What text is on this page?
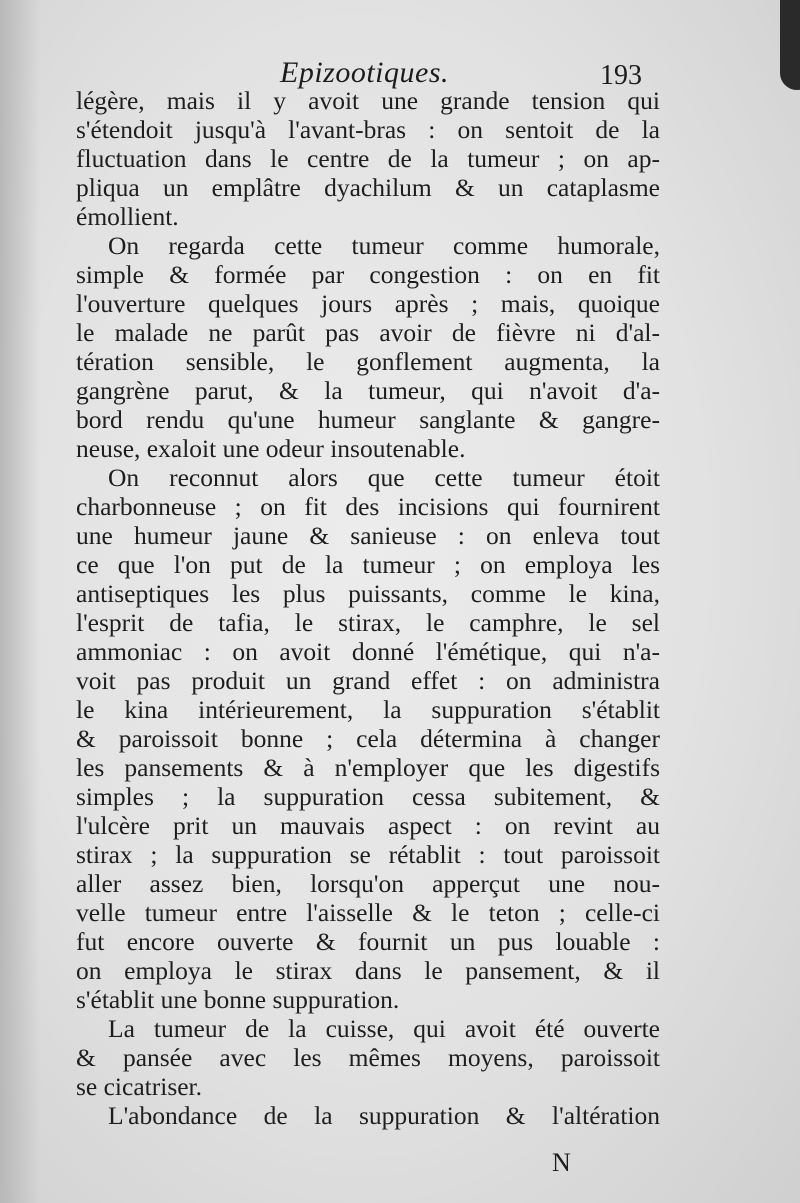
Epizootiques.	193
légère, mais il y avoit une grande tension qui
s'étendoit jusqu'à l'avant-bras : on sentoit de la
fluctuation dans le centre de la tumeur ; on ap-
pliqua un emplâtre dyachilum & un cataplasme
émollient.
On regarda cette tumeur comme humorale,
simple & formée par congestion : on en fit
l'ouverture quelques jours après ; mais, quoique
le malade ne parût pas avoir de fièvre ni d'al-
tération sensible, le gonflement augmenta, la
gangrène parut, & la tumeur, qui n'avoit d'a-
bord rendu qu'une humeur sanglante & gangre-
neuse, exaloit une odeur insoutenable.
On reconnut alors que cette tumeur étoit
charbonneuse ; on fit des incisions qui fournirent
une humeur jaune & sanieuse : on enleva tout
ce que l'on put de la tumeur ; on employa les
antiseptiques les plus puissants, comme le kina,
l'esprit de tafia, le stirax, le camphre, le sel
ammoniac : on avoit donné l'émétique, qui n'a-
voit pas produit un grand effet : on administra
le kina intérieurement, la suppuration s'établit
& paroissoit bonne ; cela détermina à changer
les pansements & à n'employer que les digestifs
simples ; la suppuration cessa subitement, &
l'ulcère prit un mauvais aspect : on revint au
stirax ; la suppuration se rétablit : tout paroissoit
aller assez bien, lorsqu'on apperçut une nou-
velle tumeur entre l'aisselle & le teton ; celle-ci
fut encore ouverte & fournit un pus louable :
on employa le stirax dans le pansement, & il
s'établit une bonne suppuration.
La tumeur de la cuisse, qui avoit été ouverte
& pansée avec les mêmes moyens, paroissoit
se cicatriser.
L'abondance de la suppuration & l'altération
N
